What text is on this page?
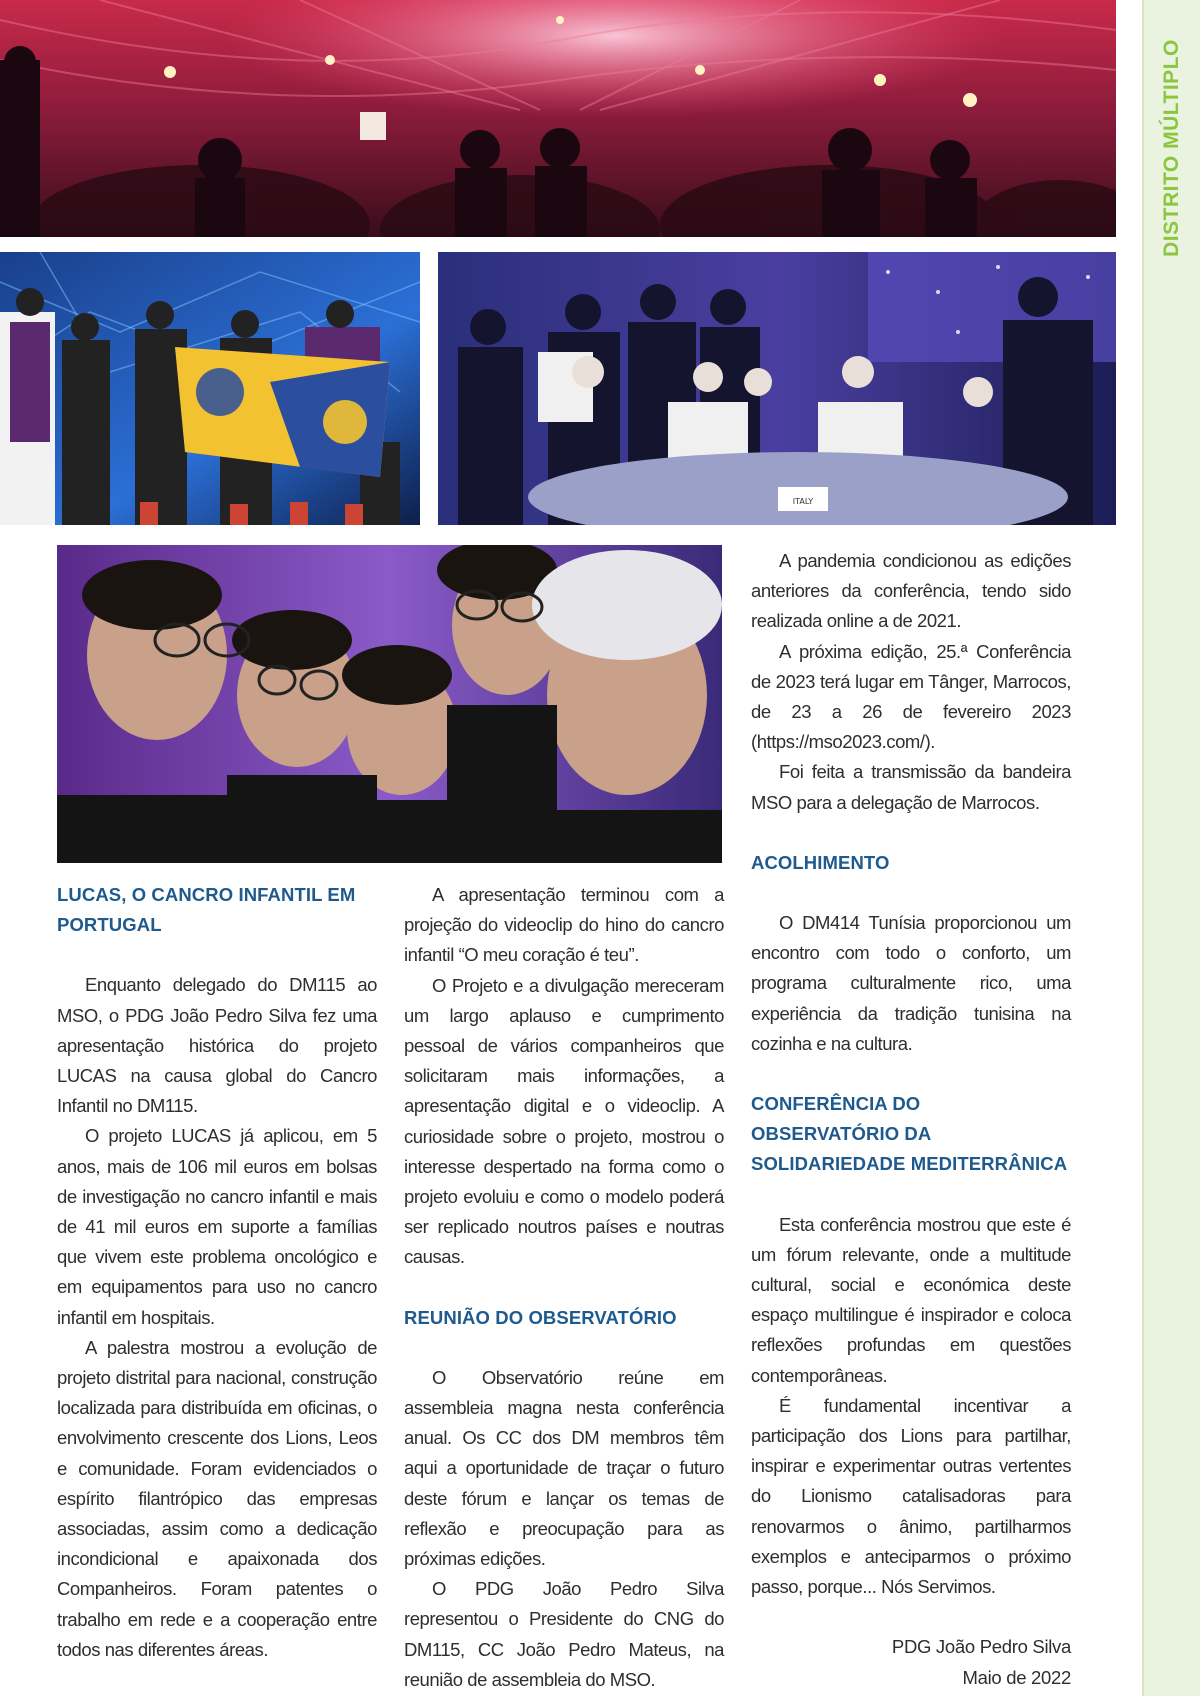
DISTRITO MÚLTIPLO
ITALY
LUCAS, O CANCRO INFANTIL EM PORTUGAL

Enquanto delegado do DM115 ao MSO, o PDG João Pedro Silva fez uma apresentação histórica do projeto LUCAS na causa global do Cancro Infantil no DM115.

O projeto LUCAS já aplicou, em 5 anos, mais de 106 mil euros em bolsas de investigação no cancro infantil e mais de 41 mil euros em suporte a famílias que vivem este problema oncológico e em equipamentos para uso no cancro infantil em hospitais.

A palestra mostrou a evolução de projeto distrital para nacional, construção localizada para distribuída em oficinas, o envolvimento crescente dos Lions, Leos e comunidade. Foram evidenciados o espírito filantrópico das empresas associadas, assim como a dedicação incondicional e apaixonada dos Companheiros. Foram patentes o trabalho em rede e a cooperação entre todos nas diferentes áreas.

A apresentação terminou com a projeção do videoclip do hino do cancro infantil “O meu coração é teu”.

O Projeto e a divulgação mereceram um largo aplauso e cumprimento pessoal de vários companheiros que solicitaram mais informações, a apresentação digital e o videoclip. A curiosidade sobre o projeto, mostrou o interesse despertado na forma como o projeto evoluiu e como o modelo poderá ser replicado noutros países e noutras causas.

REUNIÃO DO OBSERVATÓRIO

O Observatório reúne em assembleia magna nesta conferência anual. Os CC dos DM membros têm aqui a oportunidade de traçar o futuro deste fórum e lançar os temas de reflexão e preocupação para as próximas edições.

O PDG João Pedro Silva representou o Presidente do CNG do DM115, CC João Pedro Mateus, na reunião de assembleia do MSO.

A pandemia condicionou as edições anteriores da conferência, tendo sido realizada online a de 2021.

A próxima edição, 25.ª Conferência de 2023 terá lugar em Tânger, Marrocos, de 23 a 26 de fevereiro 2023 (https://mso2023.com/).

Foi feita a transmissão da bandeira MSO para a delegação de Marrocos.

ACOLHIMENTO

O DM414 Tunísia proporcionou um encontro com todo o conforto, um programa culturalmente rico, uma experiência da tradição tunisina na cozinha e na cultura.

CONFERÊNCIA DO OBSERVATÓRIO DA SOLIDARIEDADE MEDITERRÂNICA

Esta conferência mostrou que este é um fórum relevante, onde a multitude cultural, social e económica deste espaço multilingue é inspirador e coloca reflexões profundas em questões contemporâneas.

É fundamental incentivar a participação dos Lions para partilhar, inspirar e experimentar outras vertentes do Lionismo catalisadoras para renovarmos o ânimo, partilharmos exemplos e anteciparmos o próximo passo, porque... Nós Servimos.

PDG João Pedro Silva
Maio de 2022
